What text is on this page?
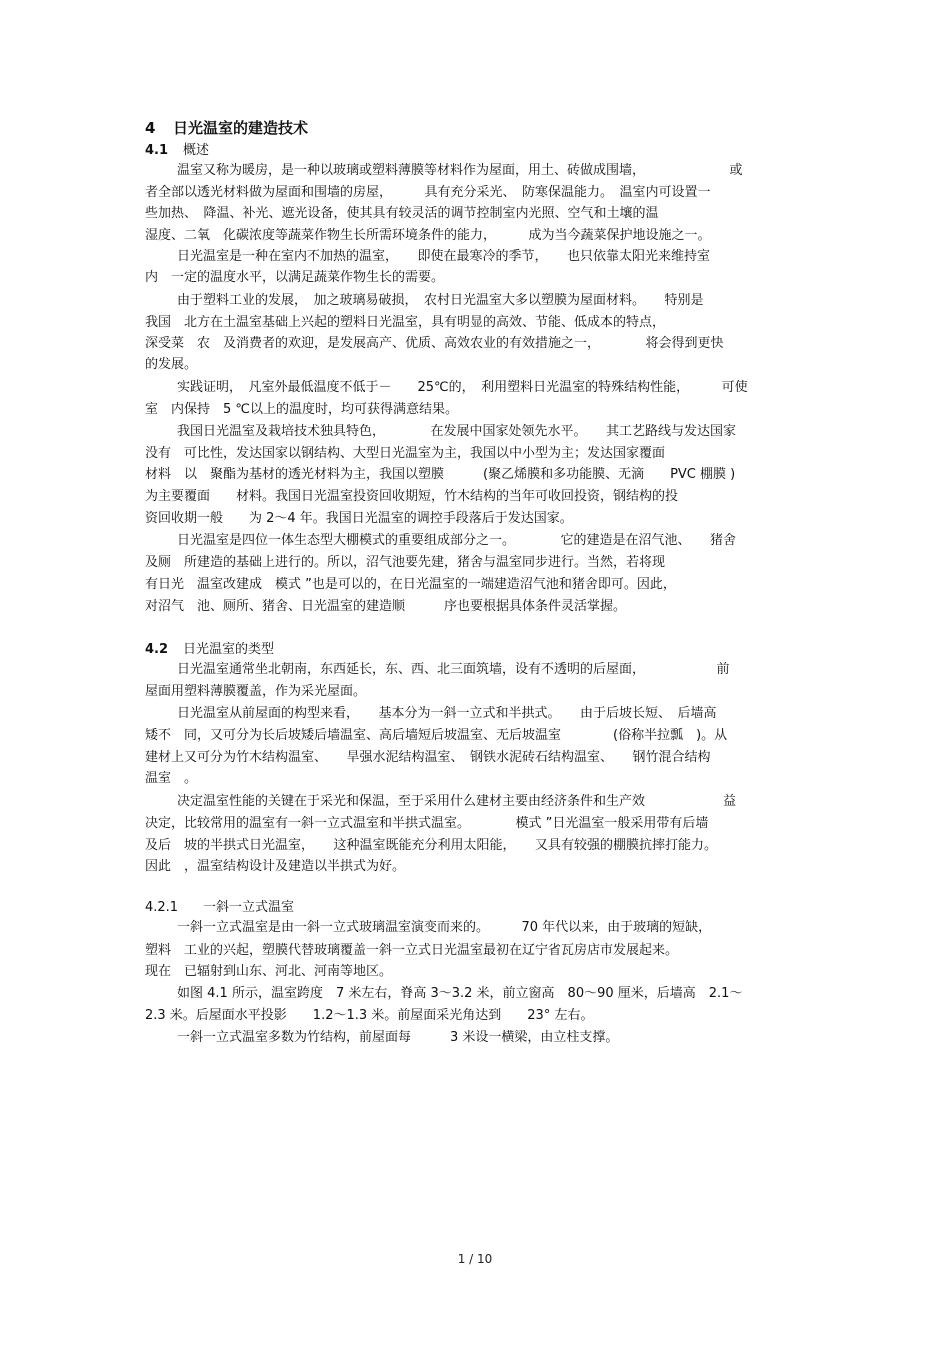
4 日光温室的建造技术
4.1 概述
温室又称为暖房，是一种以玻璃或塑料薄膜等材料作为屋面，用土、砖做成围墙，　　　　　　　或
者全部以透光材料做为屋面和围墙的房屋，　　　具有充分采光、　防寒保温能力。　温室内可设置一
些加热、　降温、补光、遮光设备，使其具有较灵活的调节控制室内光照、空气和土壤的温
湿度、二氧　化碳浓度等蔬菜作物生长所需环境条件的能力，　　　成为当今蔬菜保护地设施之一。
日光温室是一种在室内不加热的温室，　　即使在最寒冷的季节，　　也只依靠太阳光来维持室
内　一定的温度水平，以满足蔬菜作物生长的需要。
由于塑料工业的发展，　加之玻璃易破损，　农村日光温室大多以塑膜为屋面材料。　　特别是
我国　北方在土温室基础上兴起的塑料日光温室，具有明显的高效、节能、低成本的特点，
深受菜　农　及消费者的欢迎，是发展高产、优质、高效农业的有效措施之一，　　　　将会得到更快
的发展。
实践证明，　凡室外最低温度不低于－　　25℃的，　利用塑料日光温室的特殊结构性能，　　　可使
室　内保持　5 ℃以上的温度时，均可获得满意结果。
我国日光温室及栽培技术独具特色，　　　　在发展中国家处领先水平。　　其工艺路线与发达国家
没有　可比性，发达国家以钢结构、大型日光温室为主，我国以中小型为主；发达国家覆面
材料　以　聚酯为基材的透光材料为主，我国以塑膜　　　(聚乙烯膜和多功能膜、无滴　　PVC 棚膜 )
为主要覆面　　材料。我国日光温室投资回收期短，竹木结构的当年可收回投资，钢结构的投
资回收期一般　　为 2～4 年。我国日光温室的调控手段落后于发达国家。
日光温室是四位一体生态型大棚模式的重要组成部分之一。　　　　它的建造是在沼气池、　　猪舍
及厕　所建造的基础上进行的。所以，沼气池要先建，猪舍与温室同步进行。当然，若将现
有日光　温室改建成　模式 ”也是可以的，在日光温室的一端建造沼气池和猪舍即可。因此，
对沼气　池、厕所、猪舍、日光温室的建造顺　　　序也要根据具体条件灵活掌握。
4.2 日光温室的类型
日光温室通常坐北朝南，东西延长，东、西、北三面筑墙，设有不透明的后屋面，　　　　　　前
屋面用塑料薄膜覆盖，作为采光屋面。
日光温室从前屋面的构型来看，　　基本分为一斜一立式和半拱式。　　由于后坡长短、　后墙高
矮不　同，又可分为长后坡矮后墙温室、高后墙短后坡温室、无后坡温室　　　　(俗称半拉瓢　)。从
建材上又可分为竹木结构温室、　　旱强水泥结构温室、　钢铁水泥砖石结构温室、　　钢竹混合结构
温室　。
决定温室性能的关键在于采光和保温，至于采用什么建材主要由经济条件和生产效　　　　　　益
决定，比较常用的温室有一斜一立式温室和半拱式温室。　　　　模式 ”日光温室一般采用带有后墙
及后　坡的半拱式日光温室，　　这种温室既能充分利用太阳能，　　又具有较强的棚膜抗摔打能力。
因此　，温室结构设计及建造以半拱式为好。
4.2.1 一斜一立式温室
一斜一立式温室是由一斜一立式玻璃温室演变而来的。　　　70 年代以来，由于玻璃的短缺，
塑料　工业的兴起，塑膜代替玻璃覆盖一斜一立式日光温室最初在辽宁省瓦房店市发展起来。
现在　已辐射到山东、河北、河南等地区。
如图 4.1 所示，温室跨度　7 米左右，脊高 3～3.2 米，前立窗高　80～90 厘米，后墙高　2.1～
2.3 米。后屋面水平投影　　1.2～1.3 米。前屋面采光角达到　　23° 左右。
一斜一立式温室多数为竹结构，前屋面每　　　3 米设一横梁，由立柱支撑。
1 / 10
